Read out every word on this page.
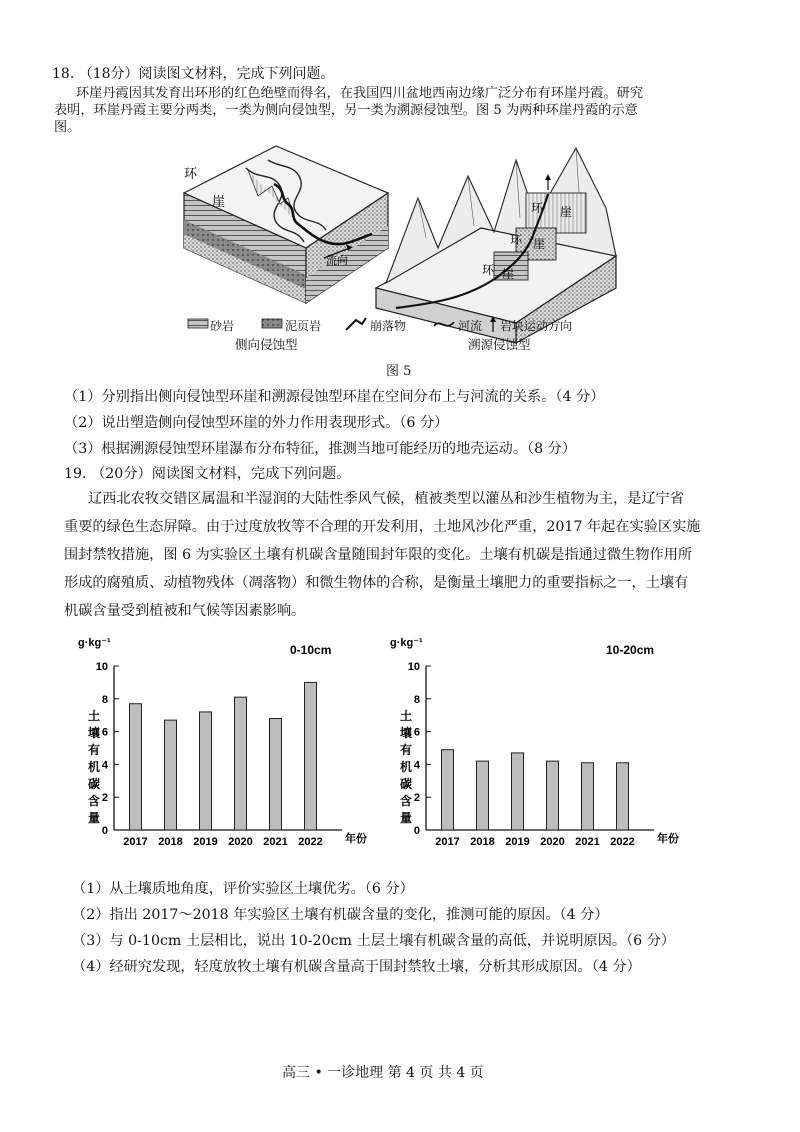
18. （18分）阅读图文材料，完成下列问题。
环崖丹霞因其发育出环形的红色绝壁而得名，在我国四川盆地西南边缘广泛分布有环崖丹霞。研究
表明，环崖丹霞主要分两类，一类为侧向侵蚀型，另一类为溯源侵蚀型。图 5 为两种环崖丹霞的示意
图。
环
崖
流向
环 崖
环 崖
环 崖
砂岩	泥页岩	崩落物	河流 岩块运动方向
侧向侵蚀型	溯源侵蚀型
图 5
（1）分别指出侧向侵蚀型环崖和溯源侵蚀型环崖在空间分布上与河流的关系。（4 分）
（2）说出塑造侧向侵蚀型环崖的外力作用表现形式。（6 分）
（3）根据溯源侵蚀型环崖瀑布分布特征，推测当地可能经历的地壳运动。（8 分）
19. （20分）阅读图文材料，完成下列问题。
辽西北农牧交错区属温和半湿润的大陆性季风气候，植被类型以灌丛和沙生植物为主，是辽宁省
重要的绿色生态屏障。由于过度放牧等不合理的开发利用，土地风沙化严重，2017 年起在实验区实施
围封禁牧措施，图 6 为实验区土壤有机碳含量随围封年限的变化。土壤有机碳是指通过微生物作用所
形成的腐殖质、动植物残体（凋落物）和微生物体的合称，是衡量土壤肥力的重要指标之一，土壤有
机碳含量受到植被和气候等因素影响。
g·kg⁻¹	0-10cm
0
2
4
6
8
10
土
壤
有
机
碳
含
量
2017 2018 2019 2020 2021 2022 年份
g·kg⁻¹	10-20cm
0
2
4
6
8
10
土
壤
有
机
碳
含
量
2017 2018 2019 2020 2021 2022 年份
（1）从土壤质地角度，评价实验区土壤优劣。（6 分）
（2）指出 2017～2018 年实验区土壤有机碳含量的变化，推测可能的原因。（4 分）
（3）与 0-10cm 土层相比，说出 10-20cm 土层土壤有机碳含量的高低，并说明原因。（6 分）
（4）经研究发现，轻度放牧土壤有机碳含量高于围封禁牧土壤，分析其形成原因。（4 分）
高三 • 一诊地理 第 4 页 共 4 页
